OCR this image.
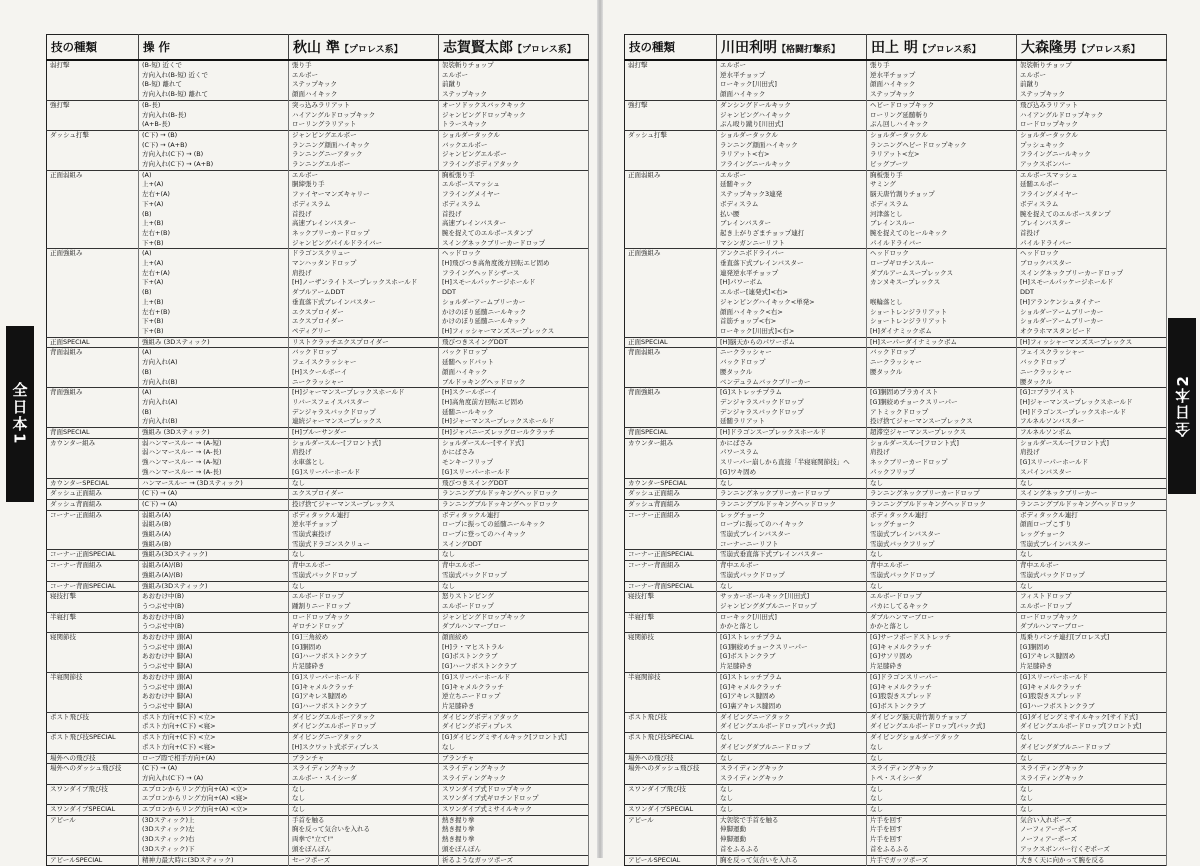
全日本1	全日本2
技の種類	操 作	秋山 準【プロレス系】	志賀賢太郎【プロレス系】
弱打撃	(B-短) 近くで	張り手	袈裟斬りチョップ
	方向入れ(B-短) 近くで	エルボー	エルボー
	(B-短) 離れて	ステップキック	前蹴り
	方向入れ(B-短) 離れて	顔面ハイキック	ステップキック
強打撃	(B-長)	突っ込みラリアット	オーソドックスバックキック
	方向入れ(B-長)	ハイアングルドロップキック	ジャンピングドロップキック
	(A+B-長)	ローリングラリアット	トラースキック
ダッシュ打撃	(C下) → (B)	ジャンピングエルボー	ショルダータックル
	(C下) → (A+B)	ランニング顔面ハイキック	バックエルボー
	方向入れ(C下) → (B)	ランニングニーアタック	ジャンピングエルボー
	方向入れ(C下) → (A+B)	ランニングエルボー	フライングボディアタック
正面弱組み	(A)	エルボー	胸板張り手
	上+(A)	胴締張り手	エルボースマッシュ
	左右+(A)	ファイヤーマンズキャリー	フライングメイヤー
	下+(A)	ボディスラム	ボディスラム
	(B)	首投げ	首投げ
	上+(B)	高速ブレインバスター	高速ブレインバスター
	左右+(B)	ネックブリーカードロップ	腕を捉えてのエルボースタンプ
	下+(B)	ジャンピングパイルドライバー	スイングネックブリーカードロップ
正面強組み	(A)	ドラゴンスクリュー	ヘッドロック
	上+(A)	マンハッタンドロップ	[H]飛びつき高角度後方回転エビ固め
	左右+(A)	肩投げ	フライングヘッドシザース
	下+(A)	[H]ノーザンライトスープレックスホールド	[H]スモールパッケージホールド
	(B)	ダブルアームDDT	DDT
	上+(B)	垂直落下式ブレインバスター	ショルダーアームブリーカー
	左右+(B)	エクスプロイダー	かけのぼり延髄ニールキック
	下+(B)	エクスプロイダー	かけのぼり延髄ニールキック
	下+(B)	ペディグリー	[H]フィッシャーマンズスープレックス
正面SPECIAL	強組み (3Dスティック)	リストクラッチエクスプロイダー	飛びつきスイングDDT
背面弱組み	(A)	バックドロップ	バックドロップ
	方向入れ(A)	フェイスクラッシャー	延髄ヘッドバット
	(B)	[H]スクールボーイ	顔面ハイキック
	方向入れ(B)	ニークラッシャー	ブルドッキングヘッドロック
背面強組み	(A)	[H]ジャーマンスープレックスホールド	[H]スクールボーイ
	方向入れ(A)	リバースフェイスバスター	[H]高角度前方回転エビ固め
	(B)	デンジャラスバックドロップ	延髄ニールキック
	方向入れ(B)	連続ジャーマンスープレックス	[H]ジャーマンスープレックスホールド
背面SPECIAL	強組み (3Dスティック)	[H]ブルーサンダー	[H]ジャパニーズレッグロールクラッチ
カウンター組み	弱ハンマースルー → (A-短)	ショルダースルー[フロント式]	ショルダースルー[サイド式]
	弱ハンマースルー → (A-長)	肩投げ	かにばさみ
	強ハンマースルー → (A-短)	水車落とし	モンキーフリップ
	強ハンマースルー → (A-長)	[G]スリーパーホールド	[G]スリーパーホールド
カウンターSPECIAL	ハンマースルー → (3Dスティック)	なし	飛びつきスイングDDT
ダッシュ正面組み	(C下) → (A)	エクスプロイダー	ランニングブルドッキングヘッドロック
ダッシュ背面組み	(C下) → (A)	投げ捨てジャーマンスープレックス	ランニングブルドッキングヘッドロック
コーナー正面組み	弱組み(A)	ボディタックル連打	ボディタックル連打
	弱組み(B)	逆水平チョップ	ロープに振っての延髄ニールキック
	強組み(A)	雪崩式裏投げ	ロープに登ってのハイキック
	強組み(B)	雪崩式ドラゴンスクリュー	スイングDDT
コーナー正面SPECIAL	強組み(3Dスティック)	なし	なし
コーナー背面組み	弱組み(A)/(B)	背中エルボー	背中エルボー
	強組み(A)/(B)	雪崩式バックドロップ	雪崩式バックドロップ
コーナー背面SPECIAL	強組み(3Dスティック)	なし	なし
寝技打撃	あおむけ中(B)	エルボードロップ	怒りストンピング
	うつぶせ中(B)	踵割りニードロップ	エルボードロップ
半寝打撃	あおむけ中(B)	ロードロップキック	ジャンピングドロップキック
	うつぶせ中(B)	ギロチンドロップ	ダブルハンマーブロー
寝関節技	あおむけ中 頭(A)	[G]三角絞め	顔面絞め
	うつぶせ中 頭(A)	[G]胴固め	[H]ラ・マヒストラル
	あおむけ中 脚(A)	[G]ハーフボストンクラブ	[G]ボストンクラブ
	うつぶせ中 脚(A)	片足膝砕き	[G]ハーフボストンクラブ
半寝関節技	あおむけ中 頭(A)	[G]スリーパーホールド	[G]スリーパーホールド
	うつぶせ中 頭(A)	[G]キャメルクラッチ	[G]キャメルクラッチ
	あおむけ中 脚(A)	[G]アキレス腱固め	逆立ちニードロップ
	うつぶせ中 脚(A)	[G]ハーフボストンクラブ	片足膝砕き
ポスト飛び技	ポスト方向+(C下) <立>	ダイビングエルボーアタック	ダイビングボディアタック
	ポスト方向+(C下) <寝>	ダイビングエルボードロップ	ダイビングボディプレス
ポスト飛び技SPECIAL	ポスト方向+(C下) <立>	ダイビングニーアタック	[G]ダイビングミサイルキック[フロント式]
	ポスト方向+(C下) <寝>	[H]スクワット式ボディプレス	なし
場外への飛び技	ロープ際で相手方向+(A)	ブランチャ	ブランチャ
場外へのダッシュ飛び技	(C下) → (A)	スライディングキック	スライディングキック
	方向入れ(C下) → (A)	エルボー・スイシーダ	スライディングキック
スワンダイブ飛び技	エプロンからリング方向+(A) <立>	なし	スワンダイブ式ドロップキック
	エプロンからリング方向+(A) <寝>	なし	スワンダイブ式ギロチンドロップ
スワンダイブSPECIAL	エプロンからリング方向+(A) <立>	なし	スワンダイブ式ミサイルキック
アピール	(3Dスティック)上	手首を触る	熱き握り拳
	(3Dスティック)左	胸を反って気合いを入れる	熱き握り拳
	(3Dスティック)右	両拳で"立て!"	熱き握り拳
	(3Dスティック)下	頭をぽんぽん	頭をぽんぽん
アピールSPECIAL	精神力最大時に(3Dスティック)	セーフポーズ	祈るようなガッツポーズ
技の種類	川田利明【格闘打撃系】	田上 明【プロレス系】	大森隆男【プロレス系】
弱打撃	エルボー	張り手	袈裟斬りチョップ
	逆水平チョップ	逆水平チョップ	エルボー
	ローキック[川田式]	顔面ハイキック	前蹴り
	顔面ハイキック	ステップキック	ステップキック
強打撃	ダンシングドールキック	ヘビードロップキック	飛び込みラリアット
	ジャンピングハイキック	ローリング延髄斬り	ハイアングルドロップキック
	ぶん殴り蹴り[川田式]	ぶん回しハイキック	ロードロップキック
ダッシュ打撃	ショルダータックル	ショルダータックル	ショルダータックル
	ランニング顔面ハイキック	ランニングヘビードロップキック	プッシュキック
	ラリアット<右>	ラリアット<左>	フライングニールキック
	フライングニールキック	ビッグブーツ	アックスボンバー
正面弱組み	エルボー	胸板張り手	エルボースマッシュ
	延髄キック	サミング	延髄エルボー
	ステップキック3連発	脳天唐竹割りチョップ	フライングメイヤー
	ボディスラム	ボディスラム	ボディスラム
	払い腰	河津落とし	腕を捉えてのエルボースタンプ
	ブレインバスター	ブレインスルー	ブレインバスター
	起き上がりざまチョップ連打	腕を捉えてのヒールキック	首投げ
	マシンガンニーリフト	パイルドライバー	パイルドライバー
正面強組み	アンクニボドライバー	ヘッドロック	ヘッドロック
	垂直落下式ブレインバスター	ロープギロチンスルー	ブロックバスター
	連発逆水平チョップ	ダブルアームスープレックス	スイングネックブリーカードロップ
	[H]パワーボム	カンヌキスープレックス	[H]スモールパッケージホールド
	エルボー[連発式]<右>		DDT
	ジャンピングハイキック<単発>	喉輪落とし	[H]アランケンシュタイナー
	顔面ハイキック<右>	ショートレンジラリアット	ショルダーアームブリーカー
	首筋チョップ<右>	ショートレンジラリアット	ショルダーアームブリーカー
	ローキック[川田式]<右>	[H]ダイナミックボム	オクラホマスタンピード
正面SPECIAL	[H]脳天からのパワーボム	[H]スーパーダイナミックボム	[H]フィッシャーマンズスープレックス
背面弱組み	ニークラッシャー	バックドロップ	フェイスクラッシャー
	バックドロップ	ニークラッシャー	バックドロップ
	腰タックル	腰タックル	ニークラッシャー
	ベンデュラムバックブリーカー		腰タックル
背面強組み	[G]ストレッチプラム	[G]胴固めプラカイスト	[G]コブラツイスト
	デンジャラスバックドロップ	[G]胴絞めチョークスリーパー	[H]ジャーマンスープレックスホールド
	デンジャラスバックドロップ	アトミックドロップ	[H]ドラゴンスープレックスホールド
	延髄ラリアット	投げ捨てジャーマンスープレックス	フルネルソンバスター
背面SPECIAL	[H]ドラゴンスープレックスホールド	超滞空ジャーマンスープレックス	フルネルソンボム
カウンター組み	かにばさみ	ショルダースルー[フロント式]	ショルダースルー[フロント式]
	パワースラム	肩投げ	肩投げ
	スリーパー崩しから直接「半寝寝関節技」へ	ネックブリーカードロップ	[G]スリーパーホールド
	[G]ワキ固め	パックフリップ	スパインバスター
カウンターSPECIAL	なし	なし	なし
ダッシュ正面組み	ランニングネックブリーカードロップ	ランニングネックブリーカードロップ	スイングネックブリーカー
ダッシュ背面組み	ランニングブルドッキングヘッドロック	ランニングブルドッキングヘッドロック	ランニングブルドッキングヘッドロック
コーナー正面組み	レッグチョーク	ボディタックル連打	ボディタックル連打
	ロープに振ってのハイキック	レッグチョーク	顔面ロープこすり
	雪崩式ブレインバスター	雪崩式ブレインバスター	レッグチョーク
	コーナーニーリフト	雪崩式バックフリップ	雪崩式ブレインバスター
コーナー正面SPECIAL	雪崩式垂直落下式ブレインバスター	なし	なし
コーナー背面組み	背中エルボー	背中エルボー	背中エルボー
	雪崩式バックドロップ	雪崩式バックドロップ	雪崩式バックドロップ
コーナー背面SPECIAL	なし	なし	なし
寝技打撃	サッカーボールキック[川田式]	エルボードロップ	フィストドロップ
	ジャンピングダブルニードロップ	パカにしてるキック	エルボードロップ
半寝打撃	ローキック[川田式]	ダブルハンマーブロー	ロードロップキック
	かかと落とし	かかと落とし	ダブルハンマーブロー
寝関節技	[G]ストレッチプラム	[G]サーフボードストレッチ	馬乗りパンチ連打[プロレス式]
	[G]胴絞めチョークスリーパー	[G]キャメルクラッチ	[G]胴固め
	[G]ボストンクラブ	[G]サソリ固め	[G]アキレス腱固め
	片足膝砕き	片足膝砕き	片足膝砕き
半寝関節技	[G]ストレッチプラム	[G]ドラゴンスリーパー	[G]スリーパーホールド
	[G]キャメルクラッチ	[G]キャメルクラッチ	[G]キャメルクラッチ
	[G]アキレス腱固め	[G]股裂きスプレッド	[G]股裂きスプレッド
	[G]裏アキレス腱固め	[G]ボストンクラブ	[G]ハーフボストンクラブ
ポスト飛び技	ダイビングニーアタック	ダイビング脳天唐竹割りチョップ	[G]ダイビングミサイルキック[サイド式]
	ダイビングエルボードロップ[バック式]	ダイビングエルボードロップ[バック式]	ダイビングエルボードロップ[フロント式]
ポスト飛び技SPECIAL	なし	ダイビングショルダーアタック	なし
	ダイビングダブルニードロップ	なし	ダイビングダブルニードロップ
場外への飛び技	なし	なし	なし
場外へのダッシュ飛び技	スライディングキック	スライディングキック	スライディングキック
	スライディングキック	トペ・スイシーダ	スライディングキック
スワンダイブ飛び技	なし	なし	なし
	なし	なし	なし
スワンダイブSPECIAL	なし	なし	なし
アピール	大袈裟で手首を触る	片手を回す	気合い入れポーズ
	伸脚運動	片手を回す	ノーフィアーポーズ
	伸脚運動	片手を回す	ノーフィアーポーズ
	首をふるふる	首をふるふる	アックスボンバー行くぞポーズ
アピールSPECIAL	胸を反って気合いを入れる	片手でガッツポーズ	大きく天に向かって腕を反る
